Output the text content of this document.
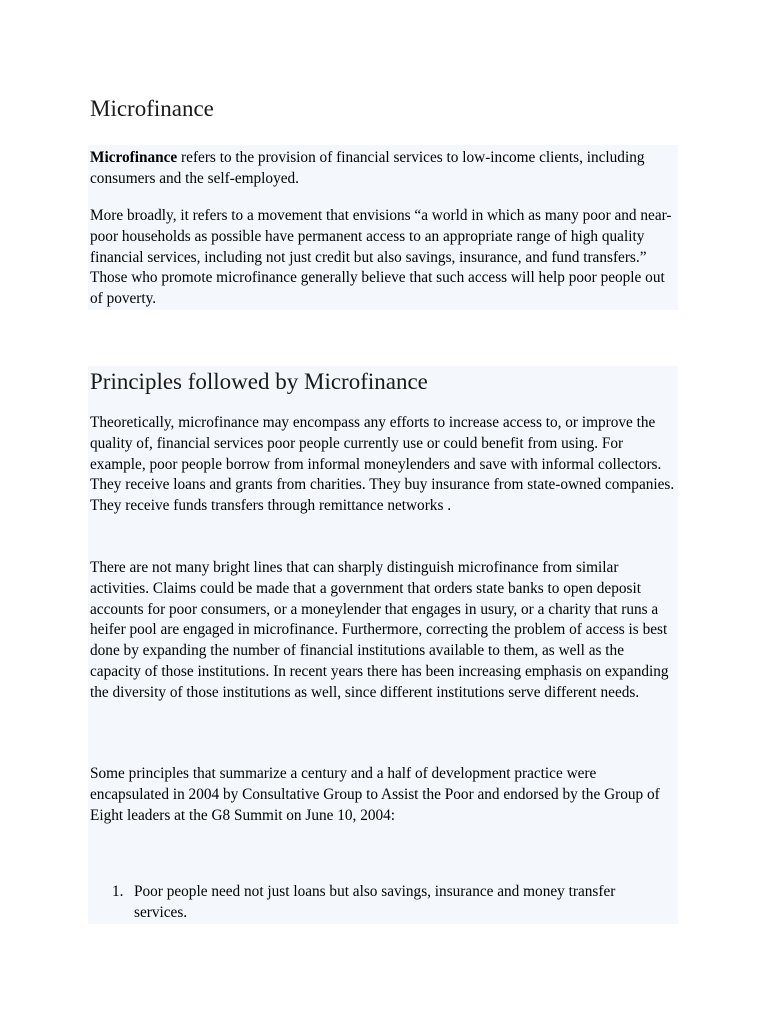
Microfinance

Microfinance refers to the provision of financial services to low-income clients, including consumers and the self-employed.

More broadly, it refers to a movement that envisions “a world in which as many poor and near-poor households as possible have permanent access to an appropriate range of high quality financial services, including not just credit but also savings, insurance, and fund transfers.” Those who promote microfinance generally believe that such access will help poor people out of poverty.

Principles followed by Microfinance

Theoretically, microfinance may encompass any efforts to increase access to, or improve the quality of, financial services poor people currently use or could benefit from using. For example, poor people borrow from informal moneylenders and save with informal collectors. They receive loans and grants from charities. They buy insurance from state-owned companies. They receive funds transfers through remittance networks .

There are not many bright lines that can sharply distinguish microfinance from similar activities. Claims could be made that a government that orders state banks to open deposit accounts for poor consumers, or a moneylender that engages in usury, or a charity that runs a heifer pool are engaged in microfinance. Furthermore, correcting the problem of access is best done by expanding the number of financial institutions available to them, as well as the capacity of those institutions. In recent years there has been increasing emphasis on expanding the diversity of those institutions as well, since different institutions serve different needs.

Some principles that summarize a century and a half of development practice were encapsulated in 2004 by Consultative Group to Assist the Poor and endorsed by the Group of Eight leaders at the G8 Summit on June 10, 2004:

1. Poor people need not just loans but also savings, insurance and money transfer services.
